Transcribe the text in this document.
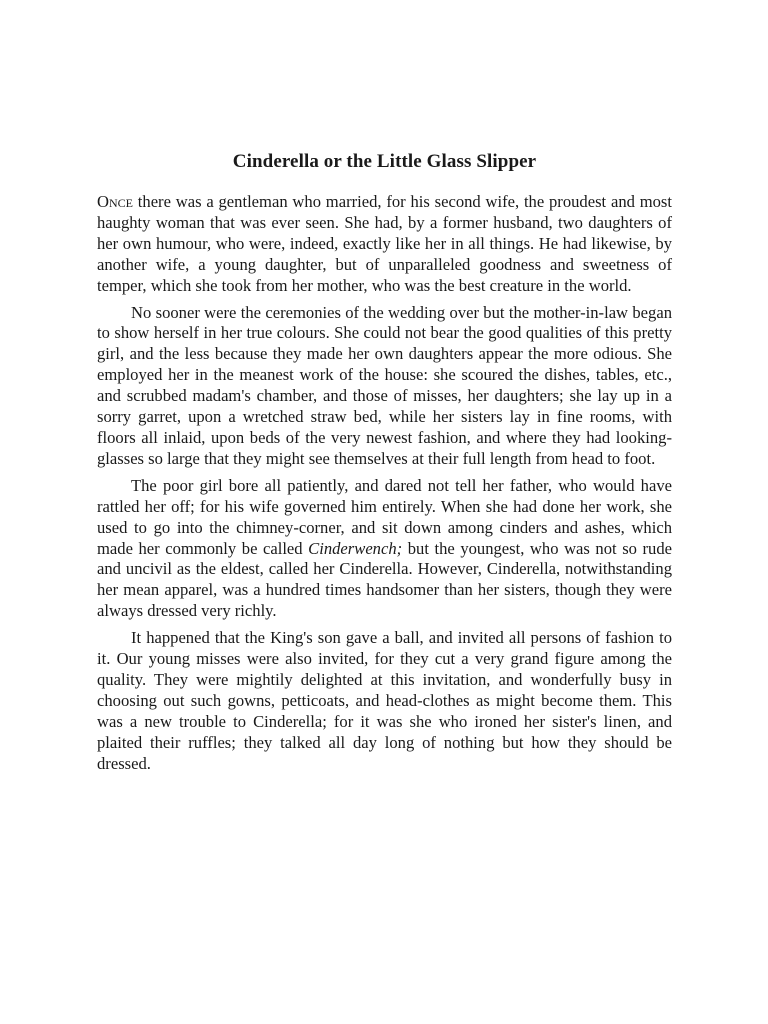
Cinderella or the Little Glass Slipper

Once there was a gentleman who married, for his second wife, the proudest and most haughty woman that was ever seen. She had, by a former husband, two daughters of her own humour, who were, indeed, exactly like her in all things. He had likewise, by another wife, a young daughter, but of unparalleled goodness and sweetness of temper, which she took from her mother, who was the best creature in the world.

No sooner were the ceremonies of the wedding over but the mother-in-law began to show herself in her true colours. She could not bear the good qualities of this pretty girl, and the less because they made her own daughters appear the more odious. She employed her in the meanest work of the house: she scoured the dishes, tables, etc., and scrubbed madam's chamber, and those of misses, her daughters; she lay up in a sorry garret, upon a wretched straw bed, while her sisters lay in fine rooms, with floors all inlaid, upon beds of the very newest fashion, and where they had looking-glasses so large that they might see themselves at their full length from head to foot.

The poor girl bore all patiently, and dared not tell her father, who would have rattled her off; for his wife governed him entirely. When she had done her work, she used to go into the chimney-corner, and sit down among cinders and ashes, which made her commonly be called Cinderwench; but the youngest, who was not so rude and uncivil as the eldest, called her Cinderella. However, Cinderella, notwithstanding her mean apparel, was a hundred times handsomer than her sisters, though they were always dressed very richly.

It happened that the King's son gave a ball, and invited all persons of fashion to it. Our young misses were also invited, for they cut a very grand figure among the quality. They were mightily delighted at this invitation, and wonderfully busy in choosing out such gowns, petticoats, and head-clothes as might become them. This was a new trouble to Cinderella; for it was she who ironed her sister's linen, and plaited their ruffles; they talked all day long of nothing but how they should be dressed.
